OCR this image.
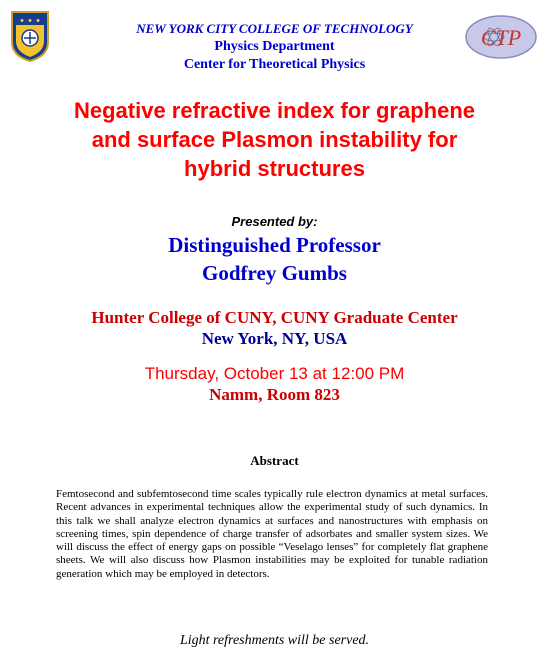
CTP
NEW YORK CITY COLLEGE OF TECHNOLOGY
Physics Department
Center for Theoretical Physics
Negative refractive index for graphene and surface Plasmon instability for hybrid structures
Presented by:
Distinguished Professor
Godfrey Gumbs
Hunter College of CUNY, CUNY Graduate Center
New York, NY, USA
Thursday, October 13 at 12:00 PM
Namm, Room 823
Abstract
Femtosecond and subfemtosecond time scales typically rule electron dynamics at metal surfaces. Recent advances in experimental techniques allow the experimental study of such dynamics. In this talk we shall analyze electron dynamics at surfaces and nanostructures with emphasis on screening times, spin dependence of charge transfer of adsorbates and smaller system sizes. We will discuss the effect of energy gaps on possible “Veselago lenses” for completely flat graphene sheets. We will also discuss how Plasmon instabilities may be exploited for tunable radiation generation which may be employed in detectors.
Light refreshments will be served.
